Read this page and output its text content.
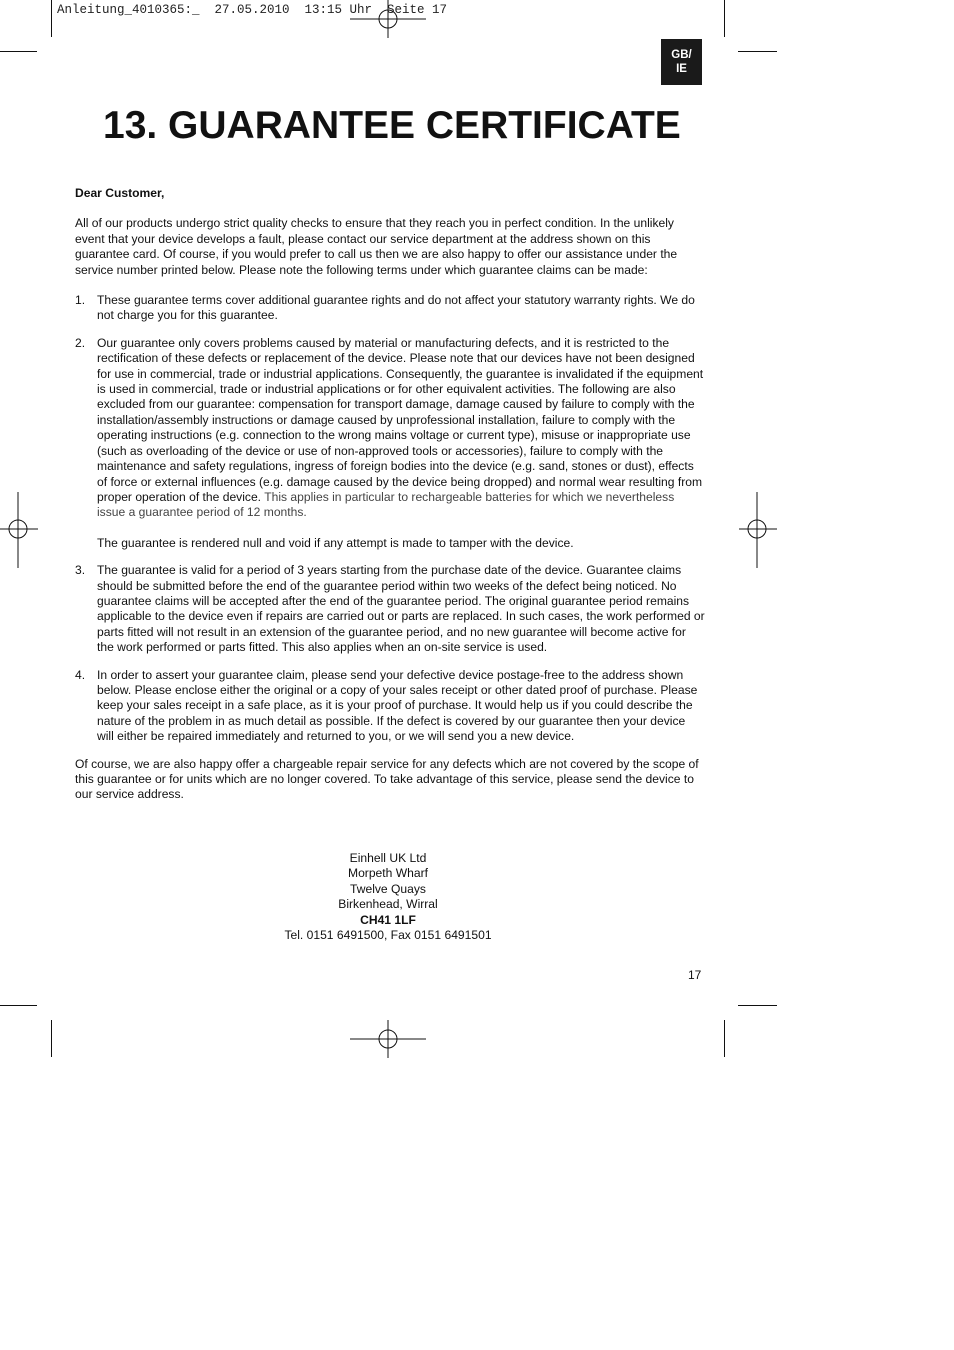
Anleitung_4010365:_  27.05.2010  13:15 Uhr  Seite 17
GB/
IE
13. GUARANTEE CERTIFICATE

Dear Customer,

All of our products undergo strict quality checks to ensure that they reach you in perfect condition. In the unlikely event that your device develops a fault, please contact our service department at the address shown on this guarantee card. Of course, if you would prefer to call us then we are also happy to offer our assistance under the service number printed below. Please note the following terms under which guarantee claims can be made:

1. These guarantee terms cover additional guarantee rights and do not affect your statutory warranty rights. We do not charge you for this guarantee.
2. Our guarantee only covers problems caused by material or manufacturing defects, and it is restricted to the rectification of these defects or replacement of the device. Please note that our devices have not been designed for use in commercial, trade or industrial applications. Consequently, the guarantee is invalidated if the equipment is used in commercial, trade or industrial applications or for other equivalent activities. The following are also excluded from our guarantee: compensation for transport damage, damage caused by failure to comply with the installation/assembly instructions or damage caused by unprofessional installation, failure to comply with the operating instructions (e.g. connection to the wrong mains voltage or current type), misuse or inappropriate use (such as overloading of the device or use of non-approved tools or accessories), failure to comply with the maintenance and safety regulations, ingress of foreign bodies into the device (e.g. sand, stones or dust), effects of force or external influences (e.g. damage caused by the device being dropped) and normal wear resulting from proper operation of the device. This applies in particular to rechargeable batteries for which we nevertheless issue a guarantee period of 12 months.

The guarantee is rendered null and void if any attempt is made to tamper with the device.

3. The guarantee is valid for a period of 3 years starting from the purchase date of the device. Guarantee claims should be submitted before the end of the guarantee period within two weeks of the defect being noticed. No guarantee claims will be accepted after the end of the guarantee period. The original guarantee period remains applicable to the device even if repairs are carried out or parts are replaced. In such cases, the work performed or parts fitted will not result in an extension of the guarantee period, and no new guarantee will become active for the work performed or parts fitted. This also applies when an on-site service is used.
4. In order to assert your guarantee claim, please send your defective device postage-free to the address shown below. Please enclose either the original or a copy of your sales receipt or other dated proof of purchase. Please keep your sales receipt in a safe place, as it is your proof of purchase. It would help us if you could describe the nature of the problem in as much detail as possible. If the defect is covered by our guarantee then your device will either be repaired immediately and returned to you, or we will send you a new device.

Of course, we are also happy offer a chargeable repair service for any defects which are not covered by the scope of this guarantee or for units which are no longer covered. To take advantage of this service, please send the device to our service address.

Einhell UK Ltd
Morpeth Wharf
Twelve Quays
Birkenhead, Wirral
CH41 1LF
Tel. 0151 6491500, Fax 0151 6491501
17
